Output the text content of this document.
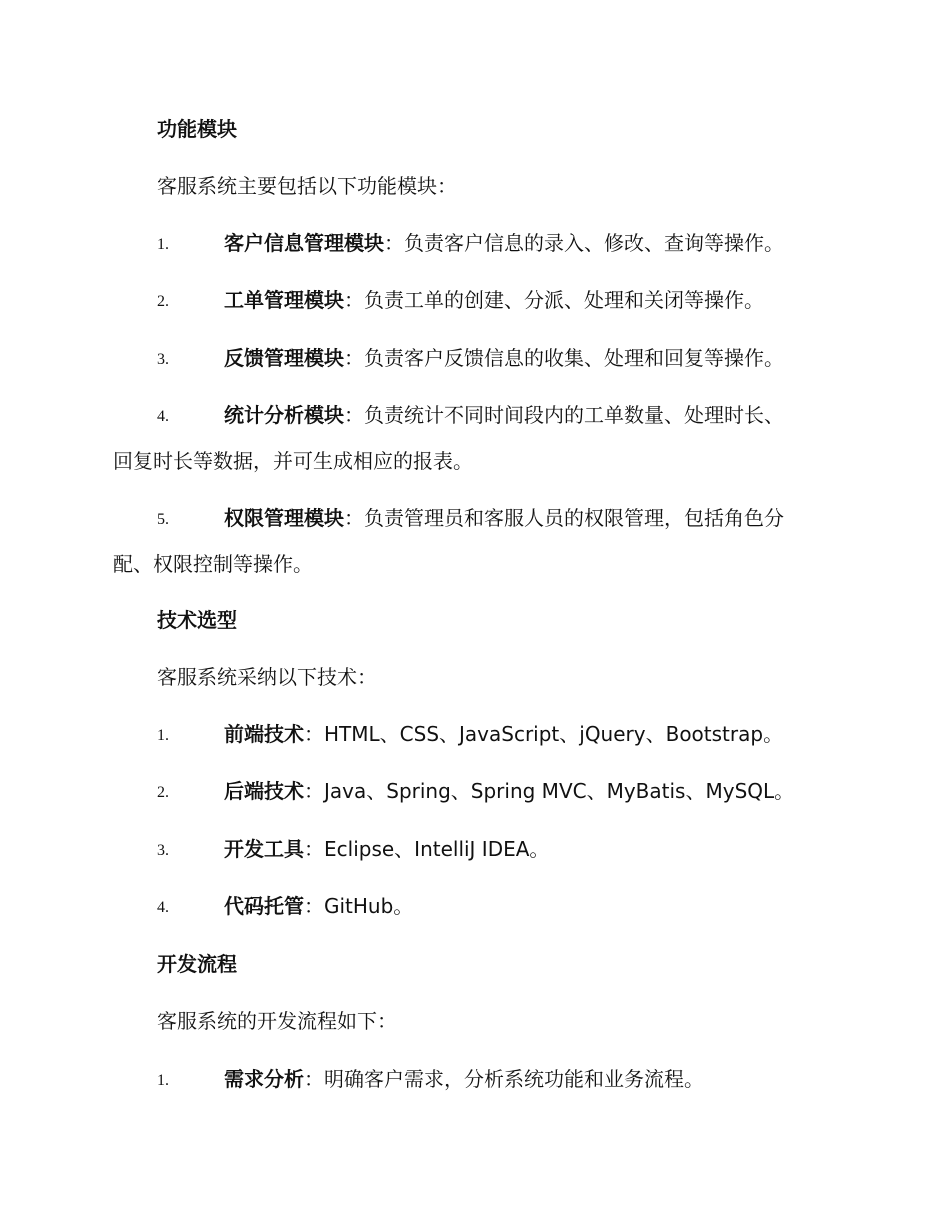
功能模块
客服系统主要包括以下功能模块：
1.	客户信息管理模块：负责客户信息的录入、修改、查询等操作。
2.	工单管理模块：负责工单的创建、分派、处理和关闭等操作。
3.	反馈管理模块：负责客户反馈信息的收集、处理和回复等操作。
4.	统计分析模块：负责统计不同时间段内的工单数量、处理时长、
回复时长等数据，并可生成相应的报表。
5.	权限管理模块：负责管理员和客服人员的权限管理，包括角色分
配、权限控制等操作。
技术选型
客服系统采纳以下技术：
1.	前端技术：HTML、CSS、JavaScript、jQuery、Bootstrap。
2.	后端技术：Java、Spring、Spring MVC、MyBatis、MySQL。
3.	开发工具：Eclipse、IntelliJ IDEA。
4.	代码托管：GitHub。
开发流程
客服系统的开发流程如下：
1.	需求分析：明确客户需求，分析系统功能和业务流程。
